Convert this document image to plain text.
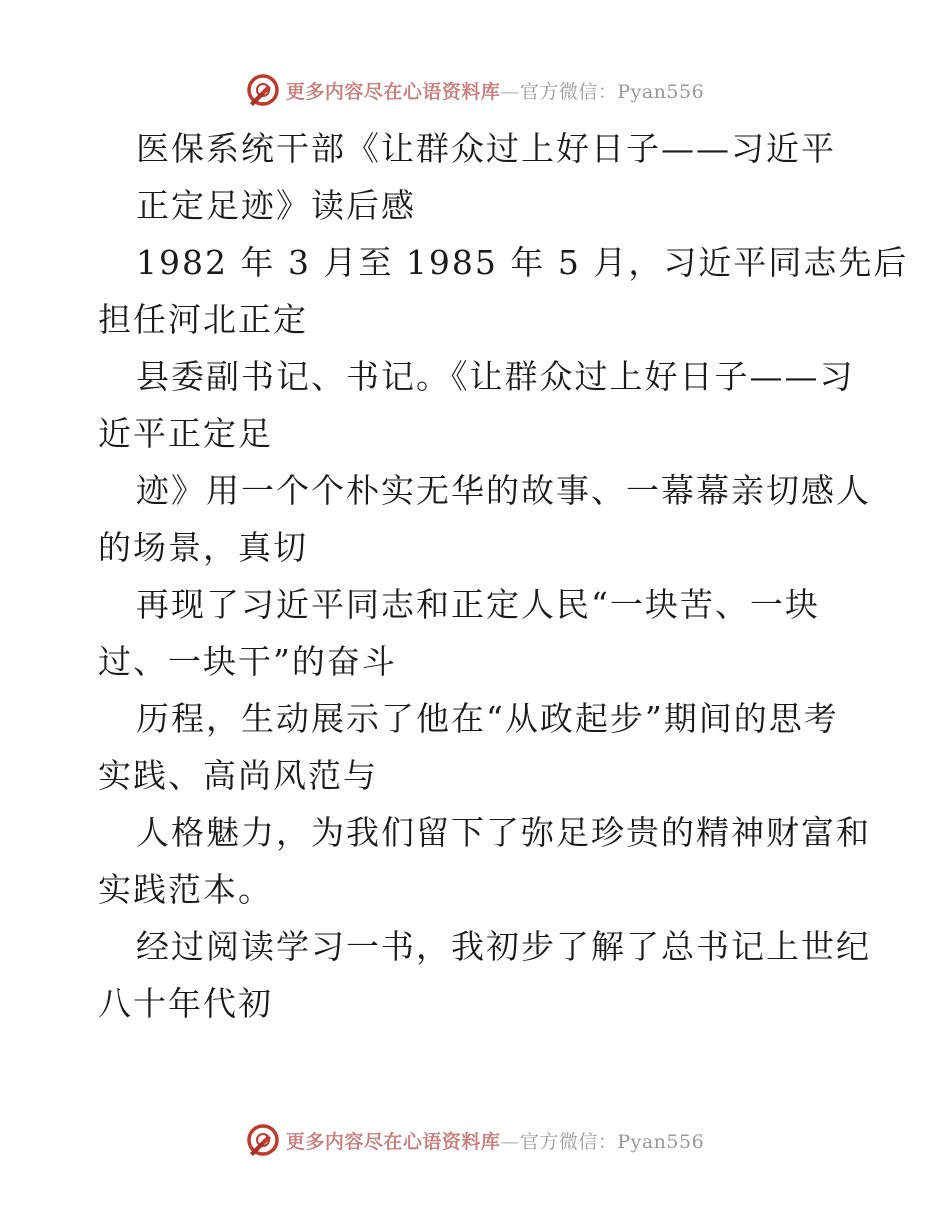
更多内容尽在心语资料库—官方微信：Pyan556
医保系统干部《让群众过上好日子——习近平
正定足迹》读后感
1982 年 3 月至 1985 年 5 月，习近平同志先后
担任河北正定
县委副书记、书记。《让群众过上好日子——习
近平正定足
迹》用一个个朴实无华的故事、一幕幕亲切感人
的场景，真切
再现了习近平同志和正定人民“一块苦、一块
过、一块干”的奋斗
历程，生动展示了他在“从政起步”期间的思考
实践、高尚风范与
人格魅力，为我们留下了弥足珍贵的精神财富和
实践范本。
经过阅读学习一书，我初步了解了总书记上世纪
八十年代初
更多内容尽在心语资料库—官方微信：Pyan556
